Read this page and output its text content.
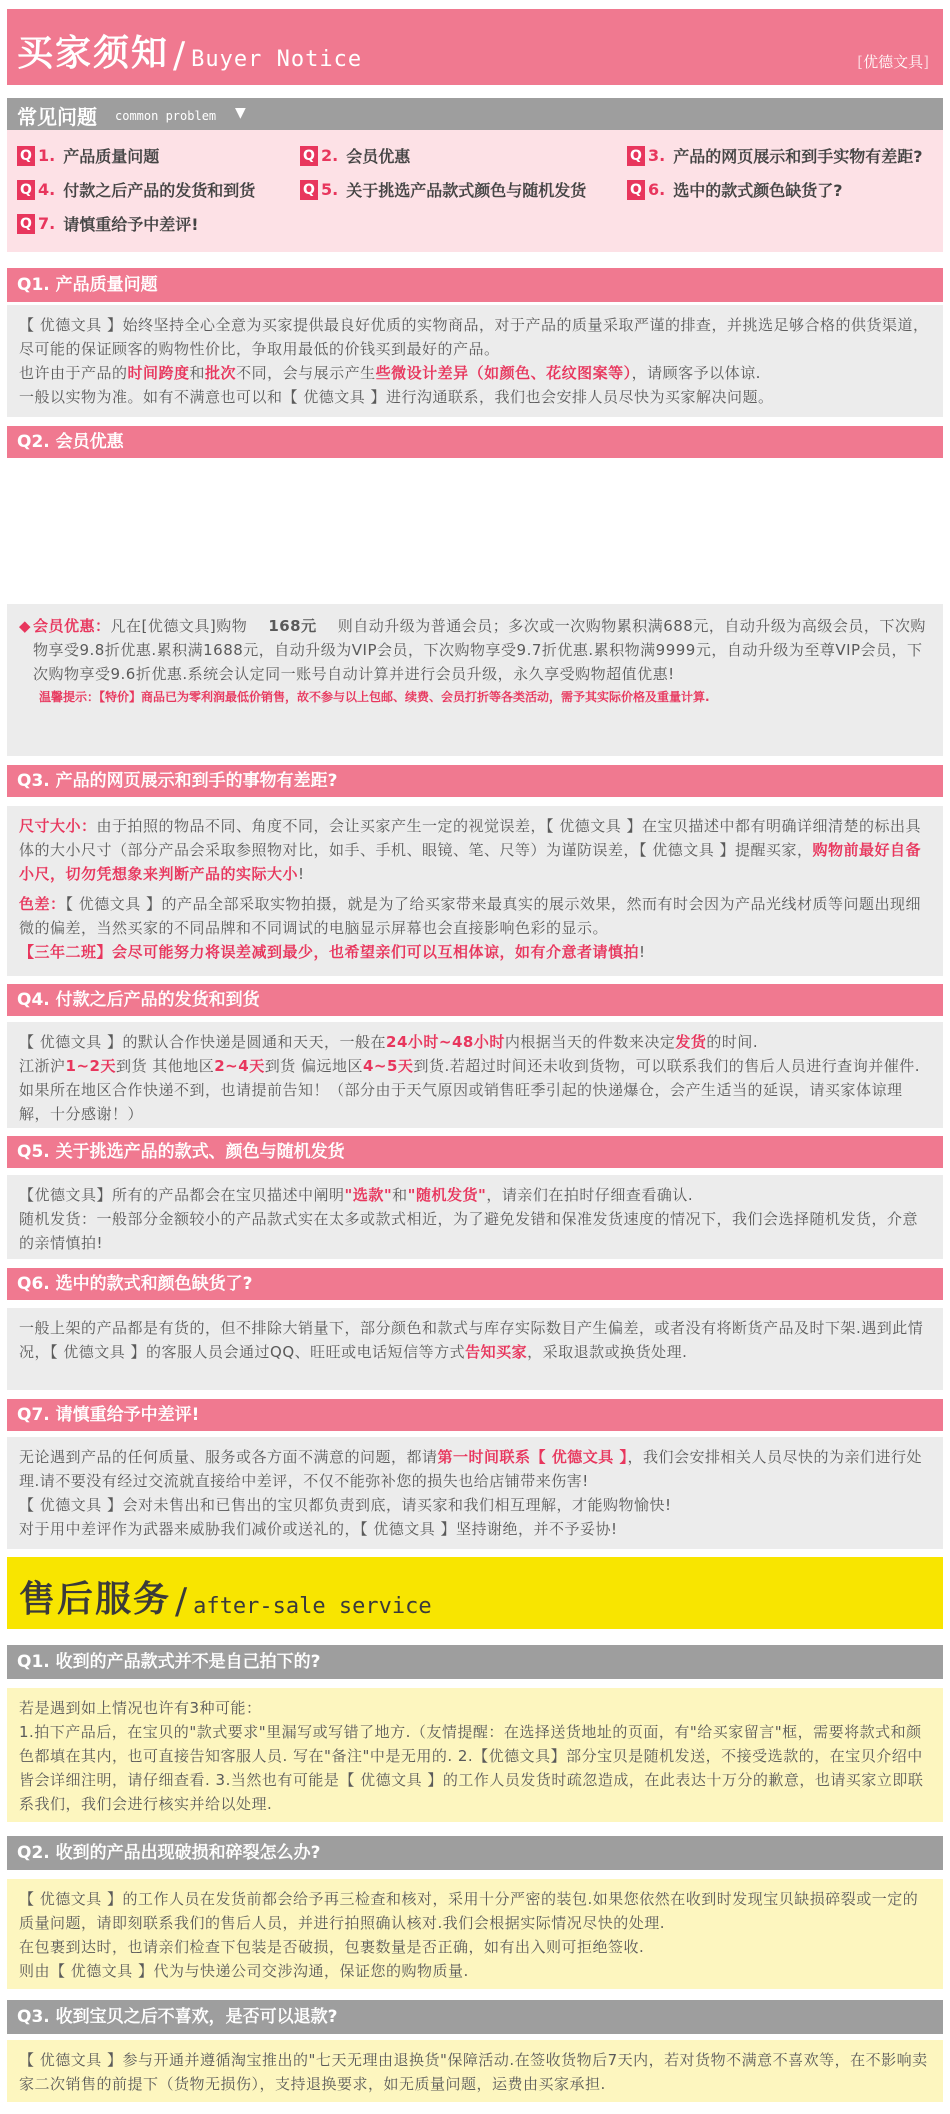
买家须知 / Buyer Notice	[优德文具]
常见问题 common problem ▼
Q 1. 产品质量问题	Q 2. 会员优惠	Q 3. 产品的网页展示和到手实物有差距?
Q 4. 付款之后产品的发货和到货	Q 5. 关于挑选产品款式颜色与随机发货	Q 6. 选中的款式颜色缺货了?
Q 7. 请慎重给予中差评!
Q1. 产品质量问题

【 优德文具 】始终坚持全心全意为买家提供最良好优质的实物商品，对于产品的质量采取严谨的排查，并挑选足够合格的供货渠道，尽可能的保证顾客的购物性价比，争取用最低的价钱买到最好的产品。

也许由于产品的时间跨度和批次不同，会与展示产生些微设计差异（如颜色、花纹图案等），请顾客予以体谅.

一般以实物为准。如有不满意也可以和【 优德文具 】进行沟通联系，我们也会安排人员尽快为买家解决问题。

Q2. 会员优惠
◆ 会员优惠：凡在[优德文具]购物 168元 则自动升级为普通会员；多次或一次购物累积满688元，自动升级为高级会员，下次购物享受9.8折优惠.累积满1688元，自动升级为VIP会员，下次购物享受9.7折优惠.累积物满9999元，自动升级为至尊VIP会员，下次购物享受9.6折优惠.系统会认定同一账号自动计算并进行会员升级，永久享受购物超值优惠!
温馨提示：【特价】商品已为零利润最低价销售，故不参与以上包邮、续费、会员打折等各类活动，需予其实际价格及重量计算.
Q3. 产品的网页展示和到手的事物有差距?

尺寸大小：由于拍照的物品不同、角度不同，会让买家产生一定的视觉误差，【 优德文具 】在宝贝描述中都有明确详细清楚的标出具体的大小尺寸（部分产品会采取参照物对比，如手、手机、眼镜、笔、尺等）为谨防误差，【 优德文具 】提醒买家，购物前最好自备小尺，切勿凭想象来判断产品的实际大小!

色差：【 优德文具 】的产品全部采取实物拍摄，就是为了给买家带来最真实的展示效果，然而有时会因为产品光线材质等问题出现细微的偏差，当然买家的不同品牌和不同调试的电脑显示屏幕也会直接影响色彩的显示。

【三年二班】会尽可能努力将误差减到最少，也希望亲们可以互相体谅，如有介意者请慎拍!

Q4. 付款之后产品的发货和到货

【 优德文具 】的默认合作快递是圆通和天天，一般在24小时~48小时内根据当天的件数来决定发货的时间.

江浙沪1~2天到货 其他地区2~4天到货 偏远地区4~5天到货.若超过时间还未收到货物，可以联系我们的售后人员进行查询并催件.如果所在地区合作快递不到，也请提前告知！（部分由于天气原因或销售旺季引起的快递爆仓，会产生适当的延误，请买家体谅理解，十分感谢！）

Q5. 关于挑选产品的款式、颜色与随机发货

【优德文具】所有的产品都会在宝贝描述中阐明"选款"和"随机发货"，请亲们在拍时仔细查看确认.

随机发货：一般部分金额较小的产品款式实在太多或款式相近，为了避免发错和保准发货速度的情况下，我们会选择随机发货，介意的亲情慎拍!

Q6. 选中的款式和颜色缺货了?

一般上架的产品都是有货的，但不排除大销量下，部分颜色和款式与库存实际数目产生偏差，或者没有将断货产品及时下架.遇到此情况，【 优德文具 】的客服人员会通过QQ、旺旺或电话短信等方式告知买家，采取退款或换货处理.

Q7. 请慎重给予中差评!

无论遇到产品的任何质量、服务或各方面不满意的问题，都请第一时间联系【 优德文具 】，我们会安排相关人员尽快的为亲们进行处理.请不要没有经过交流就直接给中差评，不仅不能弥补您的损失也给店铺带来伤害!

【 优德文具 】会对未售出和已售出的宝贝都负责到底，请买家和我们相互理解，才能购物愉快!

对于用中差评作为武器来威胁我们减价或送礼的，【 优德文具 】坚持谢绝，并不予妥协!

售后服务 / after-sale service
Q1. 收到的产品款式并不是自己拍下的?

若是遇到如上情况也许有3种可能：

1.拍下产品后，在宝贝的"款式要求"里漏写或写错了地方.（友情提醒：在选择送货地址的页面，有"给买家留言"框，需要将款式和颜色都填在其内，也可直接告知客服人员. 写在"备注"中是无用的. 2.【优德文具】部分宝贝是随机发送，不接受选款的，在宝贝介绍中皆会详细注明，请仔细查看. 3.当然也有可能是【 优德文具 】的工作人员发货时疏忽造成，在此表达十万分的歉意，也请买家立即联系我们，我们会进行核实并给以处理.

Q2. 收到的产品出现破损和碎裂怎么办?

【 优德文具 】的工作人员在发货前都会给予再三检查和核对，采用十分严密的装包.如果您依然在收到时发现宝贝缺损碎裂或一定的质量问题，请即刻联系我们的售后人员，并进行拍照确认核对.我们会根据实际情况尽快的处理.

在包裹到达时，也请亲们检查下包装是否破损，包裹数量是否正确，如有出入则可拒绝签收.

则由【 优德文具 】代为与快递公司交涉沟通，保证您的购物质量.

Q3. 收到宝贝之后不喜欢，是否可以退款?

【 优德文具 】参与开通并遵循淘宝推出的"七天无理由退换货"保障活动.在签收货物后7天内，若对货物不满意不喜欢等，在不影响卖家二次销售的前提下（货物无损伤），支持退换要求，如无质量问题，运费由买家承担.
